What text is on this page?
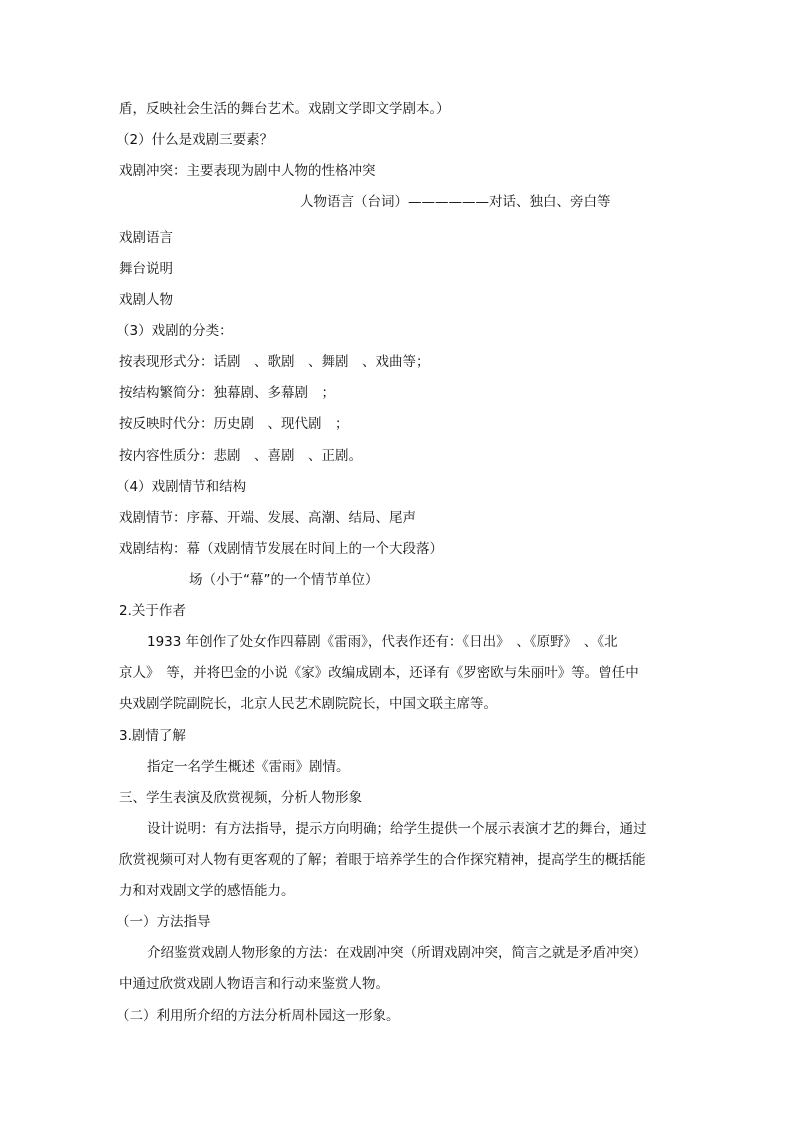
盾，反映社会生活的舞台艺术。戏剧文学即文学剧本。）
（2）什么是戏剧三要素？
戏剧冲突：主要表现为剧中人物的性格冲突
人物语言（台词）——————对话、独白、旁白等
戏剧语言
舞台说明
戏剧人物
（3）戏剧的分类：
按表现形式分：话剧　、歌剧　、舞剧　、戏曲等；
按结构繁简分：独幕剧、多幕剧　；
按反映时代分：历史剧　、现代剧　；
按内容性质分：悲剧　、喜剧　、正剧。
（4）戏剧情节和结构
戏剧情节：序幕、开端、发展、高潮、结局、尾声
戏剧结构：幕（戏剧情节发展在时间上的一个大段落）
场（小于“幕”的一个情节单位）
2.关于作者
1933 年创作了处女作四幕剧《雷雨》，代表作还有：《日出》　、《原野》　、《北
京人》　等，并将巴金的小说《家》改编成剧本，还译有《罗密欧与朱丽叶》等。曾任中
央戏剧学院副院长，北京人民艺术剧院院长，中国文联主席等。
3.剧情了解
指定一名学生概述《雷雨》剧情。
三、学生表演及欣赏视频，分析人物形象
设计说明：有方法指导，提示方向明确；给学生提供一个展示表演才艺的舞台，通过
欣赏视频可对人物有更客观的了解；着眼于培养学生的合作探究精神，提高学生的概括能
力和对戏剧文学的感悟能力。
（一）方法指导
介绍鉴赏戏剧人物形象的方法：在戏剧冲突（所谓戏剧冲突，简言之就是矛盾冲突）
中通过欣赏戏剧人物语言和行动来鉴赏人物。
（二）利用所介绍的方法分析周朴园这一形象。
